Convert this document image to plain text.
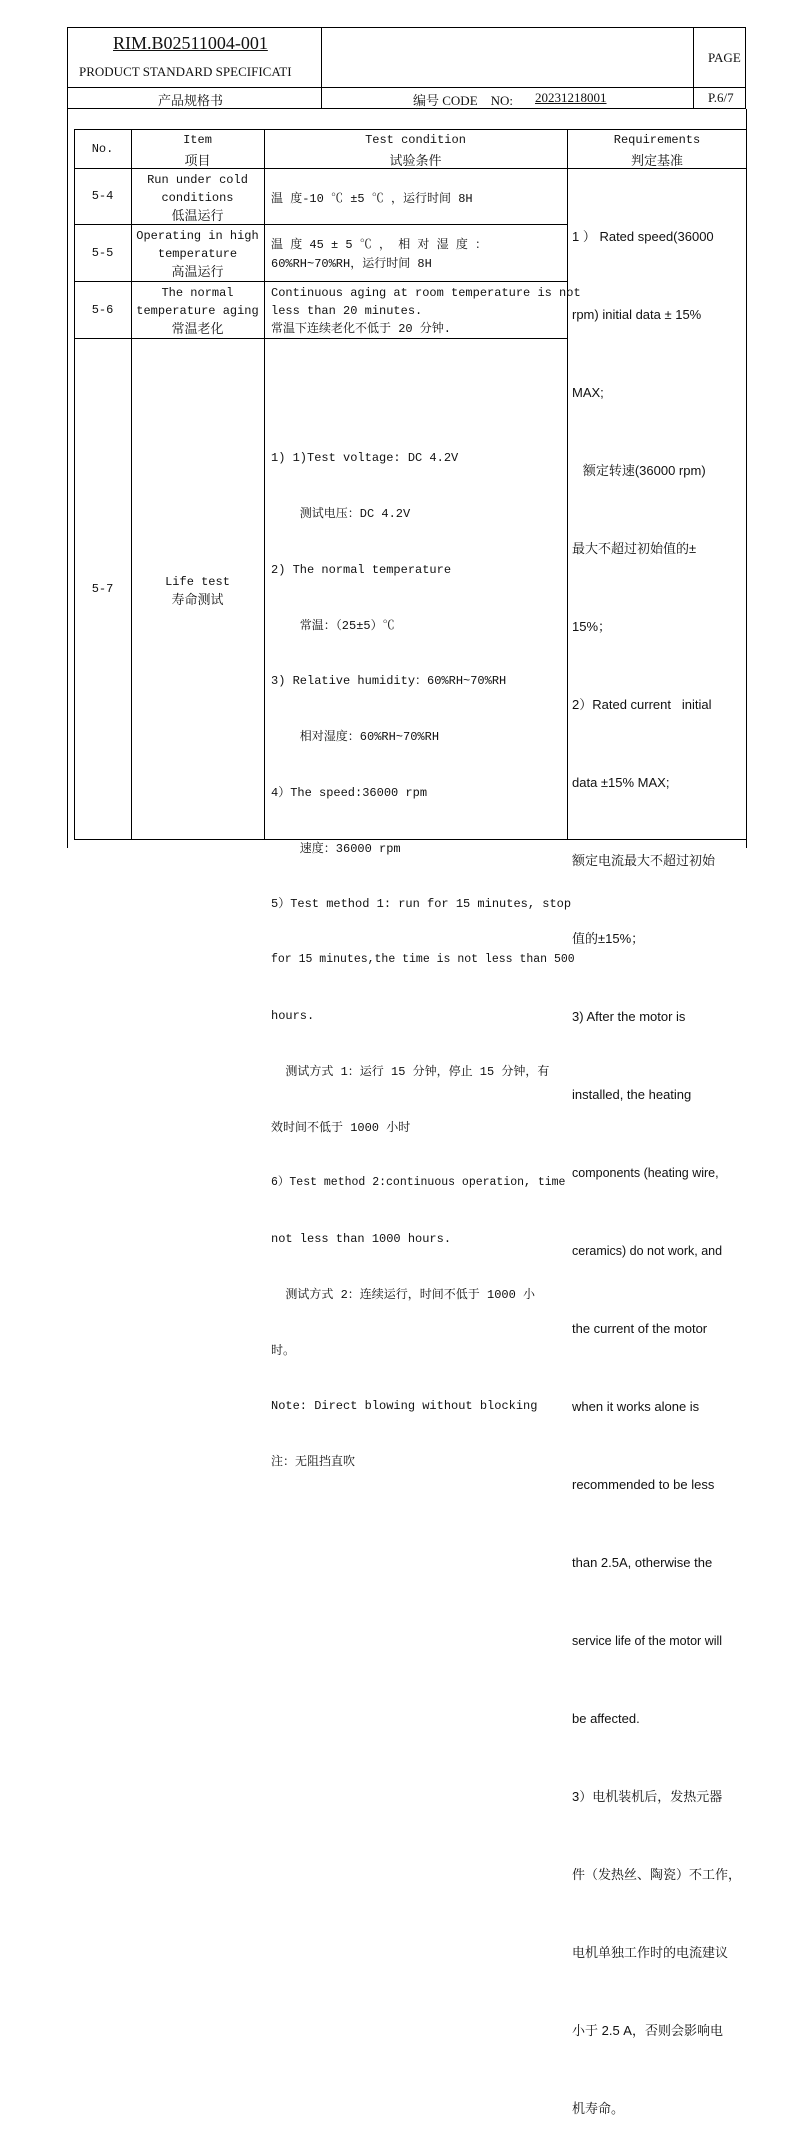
RIM.B02511004-001
PRODUCT STANDARD SPECIFICATI
产品规格书
PAGE
编号 CODE    NO: 20231218001	P.6/7
No.
Item
项目
Test condition
试验条件
Requirements
判定基准
5-4
Run under cold
conditions
低温运行
温 度-10 ℃ ±5 ℃ ，运行时间 8H
5-5
Operating in high
temperature
高温运行
温 度 45 ± 5 ℃ ， 相 对 湿 度 ：
60%RH~70%RH，运行时间 8H
5-6
The normal
temperature aging
常温老化
Continuous aging at room temperature is not
less than 20 minutes.
常温下连续老化不低于 20 分钟.
5-7	Life test
寿命测试

1) 1)Test voltage: DC 4.2V

测试电压：DC 4.2V

2) The normal temperature

常温：（25±5）℃

3) Relative humidity：60%RH~70%RH

相对湿度：60%RH~70%RH

4）The speed:36000 rpm

速度：36000 rpm

5）Test method 1: run for 15 minutes, stop

for 15 minutes,the time is not less than 500

hours.

测试方式 1：运行 15 分钟，停止 15 分钟，有

效时间不低于 1000 小时

6）Test method 2:continuous operation, time

not less than 1000 hours.

测试方式 2：连续运行，时间不低于 1000 小

时。

Note: Direct blowing without blocking

注：无阻挡直吹

1 ） Rated speed(36000

rpm) initial data ± 15%

MAX;

额定转速(36000 rpm)

最大不超过初始值的±

15%；

2）Rated current   initial

data ±15% MAX;

额定电流最大不超过初始

值的±15%；

3) After the motor is

installed, the heating

components (heating wire,

ceramics) do not work, and

the current of the motor

when it works alone is

recommended to be less

than 2.5A, otherwise the

service life of the motor will

be affected.

3）电机装机后，发热元器

件（发热丝、陶瓷）不工作，

电机单独工作时的电流建议

小于 2.5 A，否则会影响电

机寿命。
